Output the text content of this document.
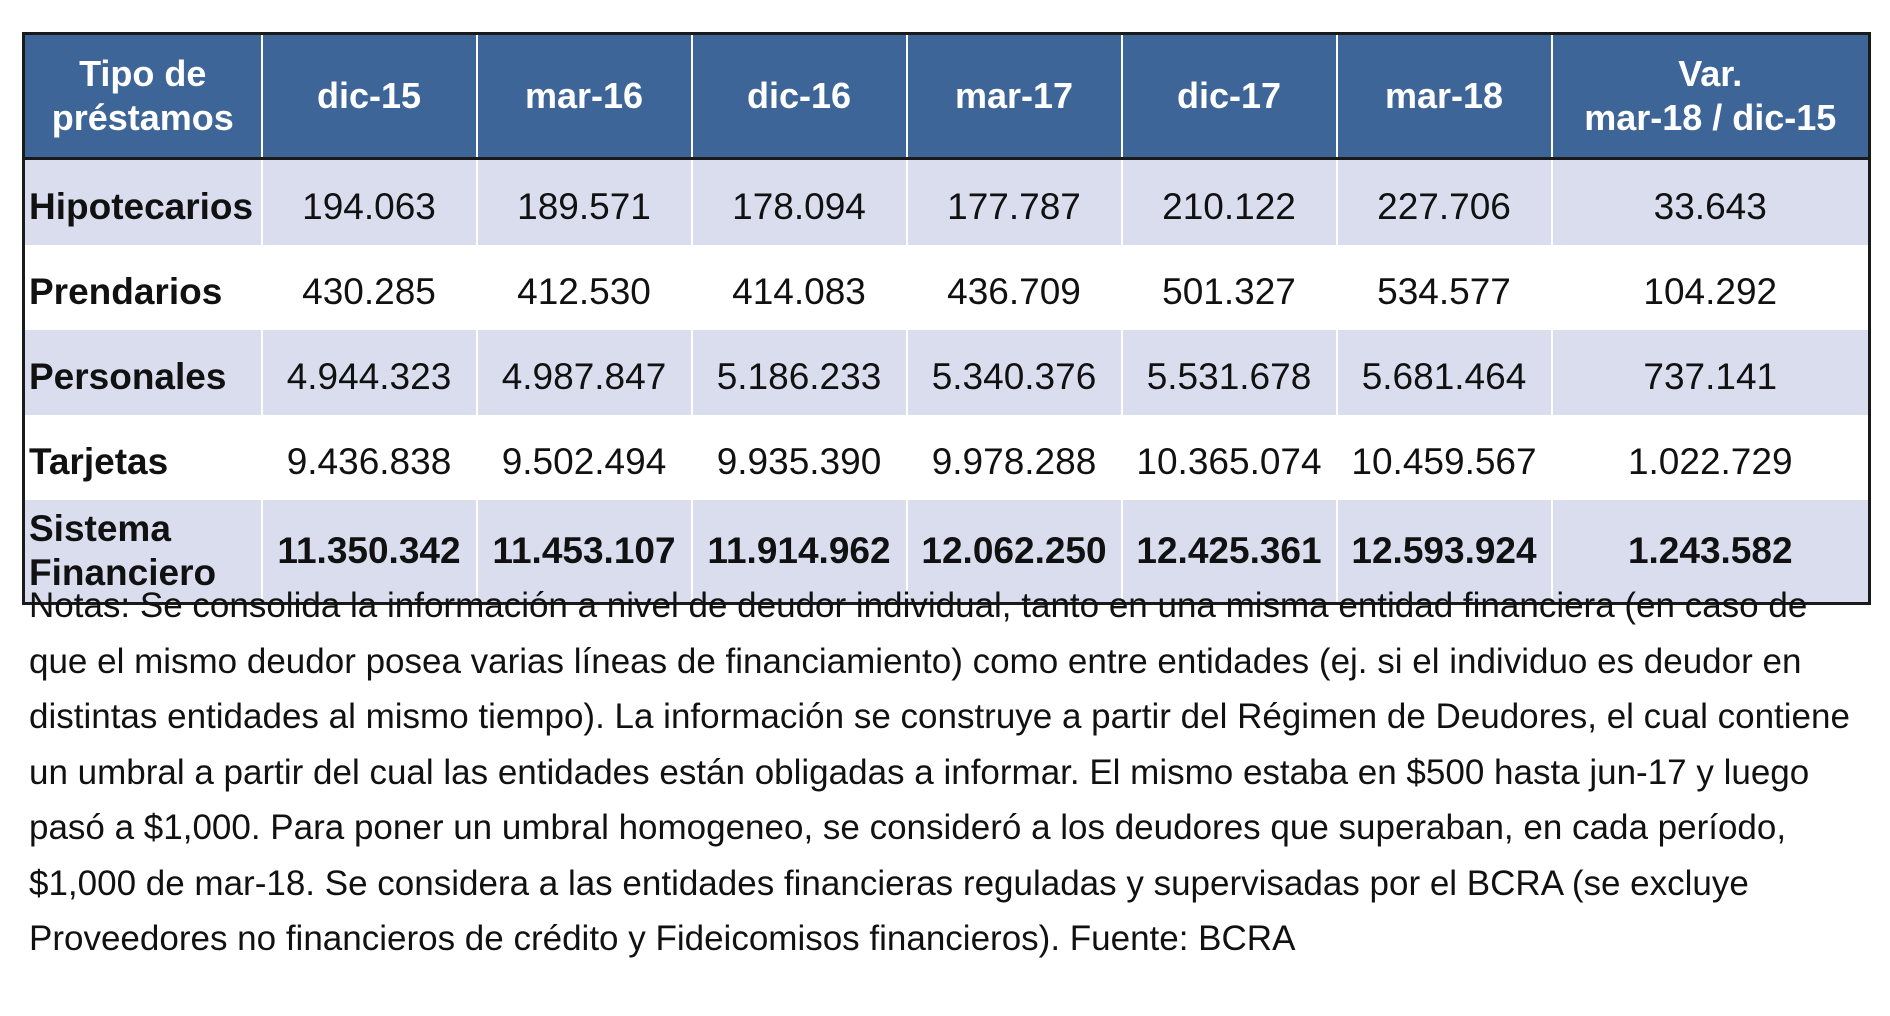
Tipo de
préstamos	dic-15	mar-16	dic-16	mar-17	dic-17	mar-18	Var.
mar-18 / dic-15

Hipotecarios	194.063	189.571	178.094	177.787	210.122	227.706	33.643
Prendarios	430.285	412.530	414.083	436.709	501.327	534.577	104.292
Personales	4.944.323	4.987.847	5.186.233	5.340.376	5.531.678	5.681.464	737.141
Tarjetas	9.436.838	9.502.494	9.935.390	9.978.288	10.365.074	10.459.567	1.022.729

Sistema
Financiero	11.350.342	11.453.107	11.914.962	12.062.250	12.425.361	12.593.924	1.243.582

Notas: Se consolida la información a nivel de deudor individual, tanto en una misma entidad financiera (en caso de que el mismo deudor posea varias líneas de financiamiento) como entre entidades (ej. si el individuo es deudor en distintas entidades al mismo tiempo). La información se construye a partir del Régimen de Deudores, el cual contiene un umbral a partir del cual las entidades están obligadas a informar. El mismo estaba en $500 hasta jun-17 y luego pasó a $1,000. Para poner un umbral homogeneo, se consideró a los deudores que superaban, en cada período, $1,000 de mar-18. Se considera a las entidades financieras reguladas y supervisadas por el BCRA (se excluye Proveedores no financieros de crédito y Fideicomisos financieros). Fuente: BCRA
